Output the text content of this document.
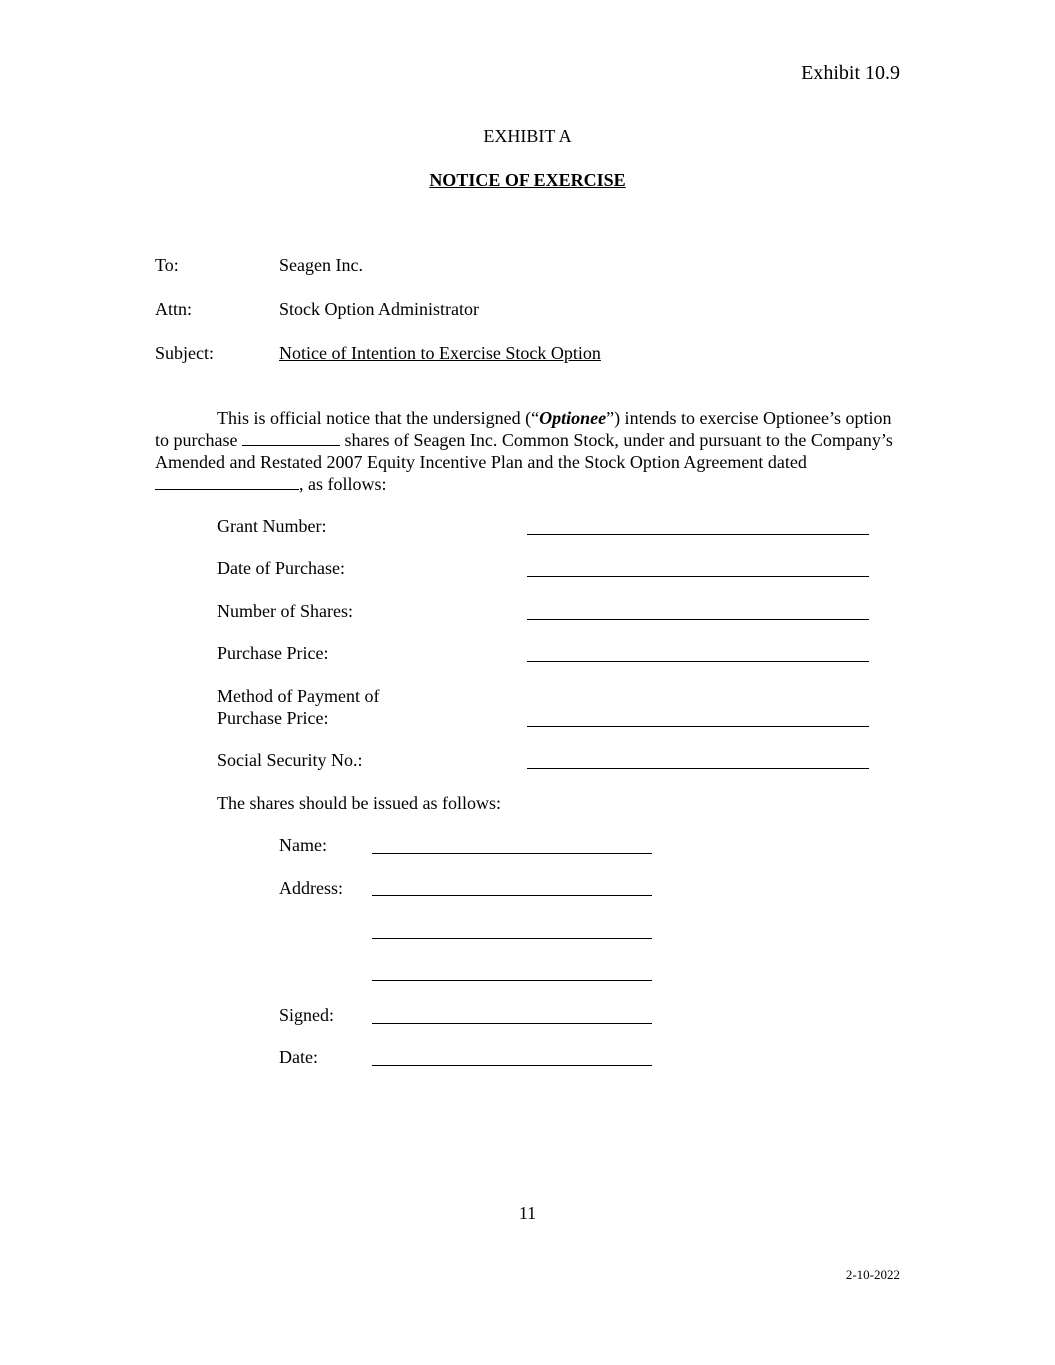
Exhibit 10.9
EXHIBIT A
NOTICE OF EXERCISE
To:	Seagen Inc.
Attn:	Stock Option Administrator
Subject:	Notice of Intention to Exercise Stock Option
This is official notice that the undersigned (“Optionee”) intends to exercise Optionee’s option to purchase	shares of Seagen Inc. Common Stock, under and pursuant to the Company’s Amended and Restated 2007 Equity Incentive Plan and the Stock Option Agreement dated , as follows:
Grant Number:
Date of Purchase:
Number of Shares:
Purchase Price:
Method of Payment of
Purchase Price:
Social Security No.:
The shares should be issued as follows:
Name:
Address:
Signed:
Date:
11
2-10-2022
